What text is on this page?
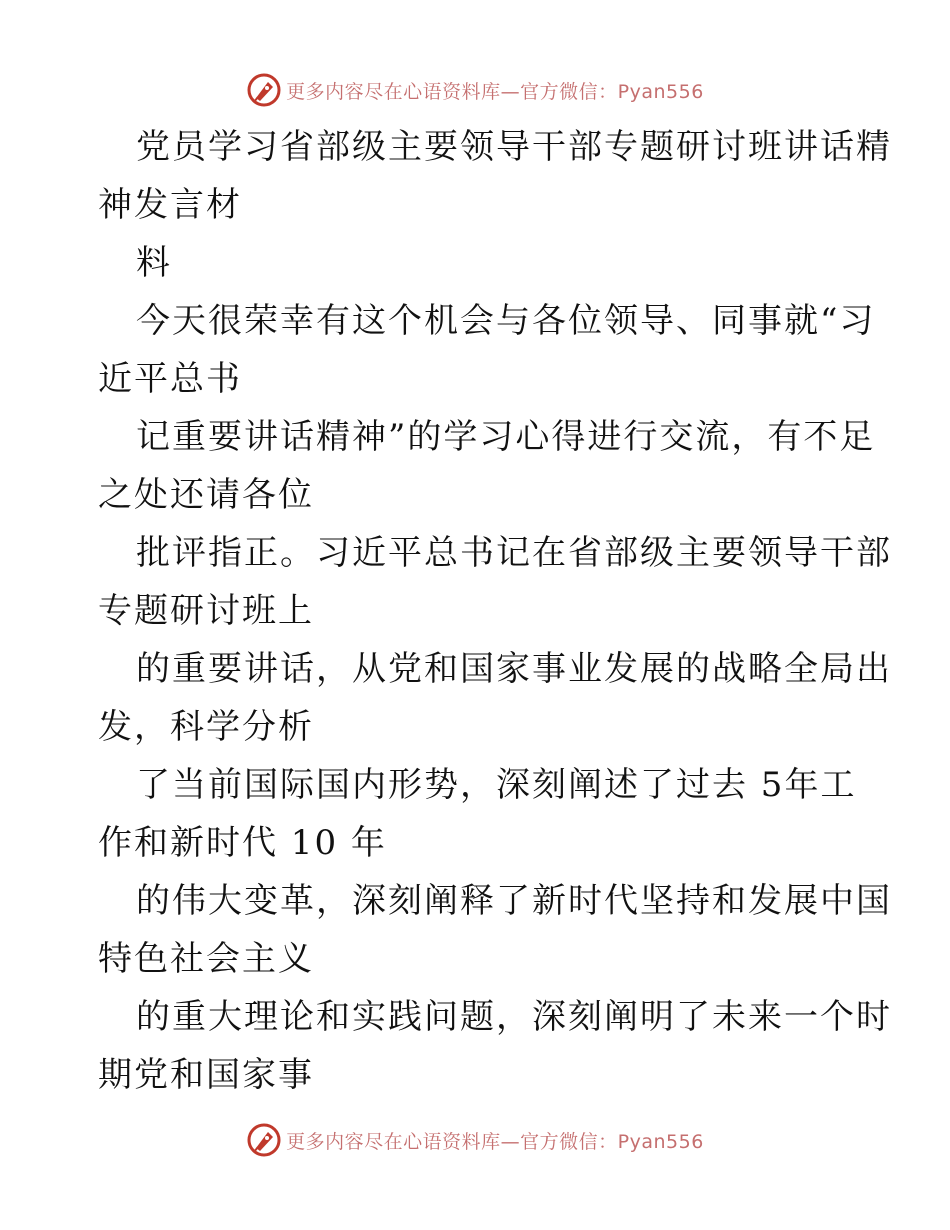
更多内容尽在心语资料库—官方微信：Pyan556
党员学习省部级主要领导干部专题研讨班讲话精
神发言材
料
今天很荣幸有这个机会与各位领导、同事就“习
近平总书
记重要讲话精神”的学习心得进行交流，有不足
之处还请各位
批评指正。习近平总书记在省部级主要领导干部
专题研讨班上
的重要讲话，从党和国家事业发展的战略全局出
发，科学分析
了当前国际国内形势，深刻阐述了过去 5年工
作和新时代 10 年
的伟大变革，深刻阐释了新时代坚持和发展中国
特色社会主义
的重大理论和实践问题，深刻阐明了未来一个时
期党和国家事
更多内容尽在心语资料库—官方微信：Pyan556
